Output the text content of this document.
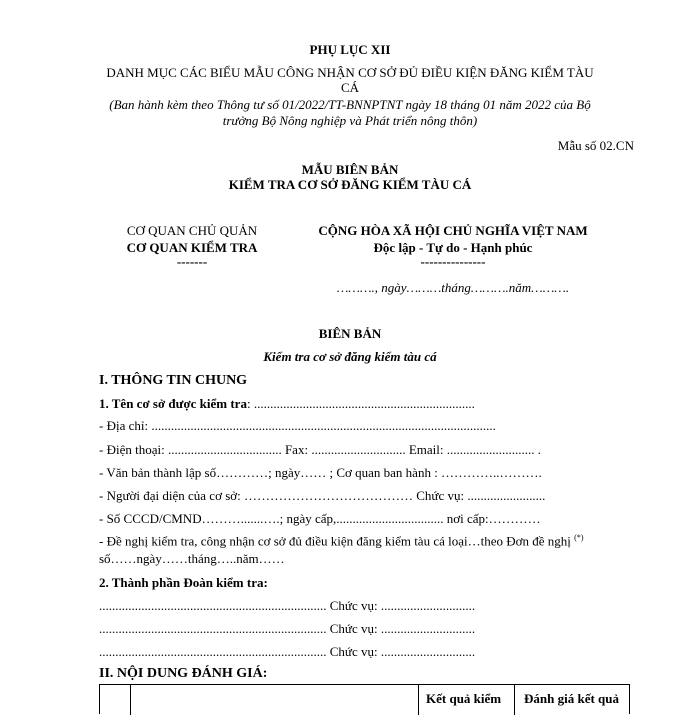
PHỤ LỤC XII
DANH MỤC CÁC BIỂU MẪU CÔNG NHẬN CƠ SỞ ĐỦ ĐIỀU KIỆN ĐĂNG KIỂM TÀU
CÁ
(Ban hành kèm theo Thông tư số 01/2022/TT-BNNPTNT ngày 18 tháng 01 năm 2022 của Bộ
trưởng Bộ Nông nghiệp và Phát triển nông thôn)
Mẫu số 02.CN
MẪU BIÊN BẢN
KIỂM TRA CƠ SỞ ĐĂNG KIỂM TÀU CÁ
CƠ QUAN CHỦ QUẢN
CƠ QUAN KIỂM TRA
-------
CỘNG HÒA XÃ HỘI CHỦ NGHĨA VIỆT NAM
Độc lập - Tự do - Hạnh phúc
---------------
………., ngày………tháng……….năm……….
BIÊN BẢN
Kiểm tra cơ sở đăng kiểm tàu cá
I. THÔNG TIN CHUNG
1. Tên cơ sở được kiểm tra: ....................................................................
- Địa chỉ: ..........................................................................................................
- Điện thoại: ................................... Fax: ............................. Email: ........................... .
- Văn bản thành lập số…………; ngày…… ; Cơ quan ban hành : …………..……….
- Người đại diện của cơ sở: ………………………………… Chức vụ: ........................
- Số CCCD/CMND……….......….; ngày cấp,................................. nơi cấp:…………
- Đề nghị kiểm tra, công nhận cơ sở đủ điều kiện đăng kiểm tàu cá loại…theo Đơn đề nghị (*)
số……ngày……tháng…..năm……
2. Thành phần Đoàn kiểm tra:
...................................................................... Chức vụ: .............................
...................................................................... Chức vụ: .............................
...................................................................... Chức vụ: .............................
II. NỘI DUNG ĐÁNH GIÁ:
Kết quả kiểm Đánh giá kết quả
